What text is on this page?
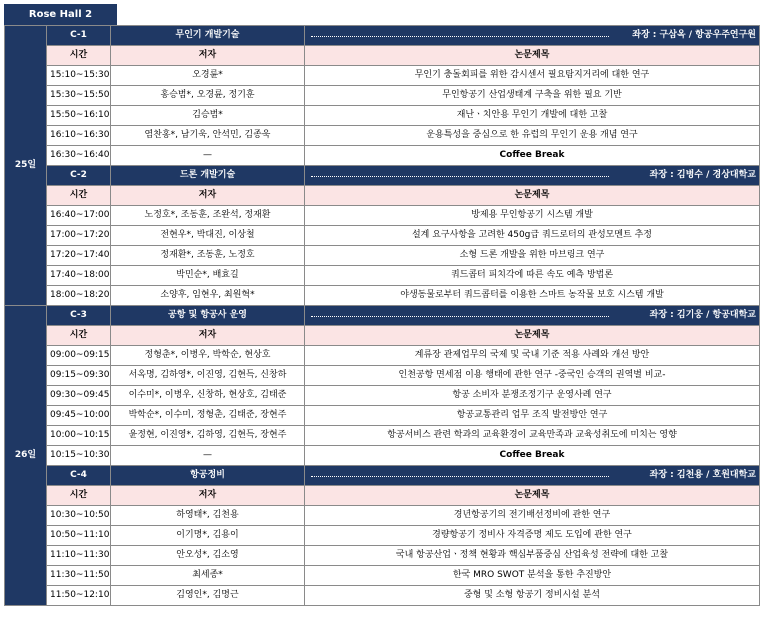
Rose Hall 2
25일	C-1	무인기 개발기술	좌장 : 구삼옥 / 항공우주연구원
	시간	저자	논문제목
	15:10~15:30	오경륜*	무인기 충돌회피를 위한 감시센서 필요탐지거리에 대한 연구
	15:30~15:50	홍승범*, 오경륜, 정기훈	무인항공기 산업생태계 구축을 위한 필요 기반
	15:50~16:10	김승범*	재난ㆍ치안용 무인기 개발에 대한 고찰
	16:10~16:30	염찬홍*, 남기욱, 안석민, 김종욱	운용특성을 중심으로 한 유럽의 무인기 운용 개념 연구
	16:30~16:40	—	Coffee Break
	C-2	드론 개발기술	좌장 : 김병수 / 경상대학교
	시간	저자	논문제목
	16:40~17:00	노정호*, 조동훈, 조완석, 정재환	방제용 무인항공기 시스템 개발
	17:00~17:20	전현우*, 박대진, 이상철	설계 요구사항을 고려한 450g급 쿼드로터의 관성모멘트 추정
	17:20~17:40	정재환*, 조동훈, 노정호	소형 드론 개발을 위한 마브링크 연구
	17:40~18:00	박민순*, 배효길	쿼드콥터 피치각에 따른 속도 예측 방법론
	18:00~18:20	소양후, 임현우, 최원혁*	야생동물로부터 쿼드콥터를 이용한 스마트 농작물 보호 시스템 개발
26일	C-3	공항 및 항공사 운영	좌장 : 김기웅 / 항공대학교
	시간	저자	논문제목
	09:00~09:15	정형춘*, 이병우, 박학순, 현상호	계류장 관제업무의 국제 및 국내 기준 적용 사례와 개선 방안
	09:15~09:30	서옥명, 김하영*, 이진영, 김현득, 신창하	인천공항 면세점 이용 행태에 관한 연구 -중국인 승객의 권역별 비교-
	09:30~09:45	이수미*, 이병우, 신창하, 현상호, 김태준	항공 소비자 분쟁조정기구 운영사례 연구
	09:45~10:00	박학순*, 이수미, 정형춘, 김태준, 장현주	항공교통관리 업무 조직 발전방안 연구
	10:00~10:15	윤정현, 이진영*, 김하영, 김현득, 장현주	항공서비스 관련 학과의 교육환경이 교육만족과 교육성취도에 미치는 영향
	10:15~10:30	—	Coffee Break
	C-4	항공정비	좌장 : 김천용 / 호원대학교
	시간	저자	논문제목
	10:30~10:50	하영태*, 김천용	경년항공기의 전기배선정비에 관한 연구
	10:50~11:10	이기명*, 김용이	경량항공기 정비사 자격증명 제도 도입에 관한 연구
	11:10~11:30	안오성*, 김소영	국내 항공산업ㆍ정책 현황과 핵심부품중심 산업육성 전략에 대한 고찰
	11:30~11:50	최세종*	한국 MRO SWOT 분석을 통한 추진방안
	11:50~12:10	김영인*, 김명근	중형 및 소형 항공기 정비시설 분석
